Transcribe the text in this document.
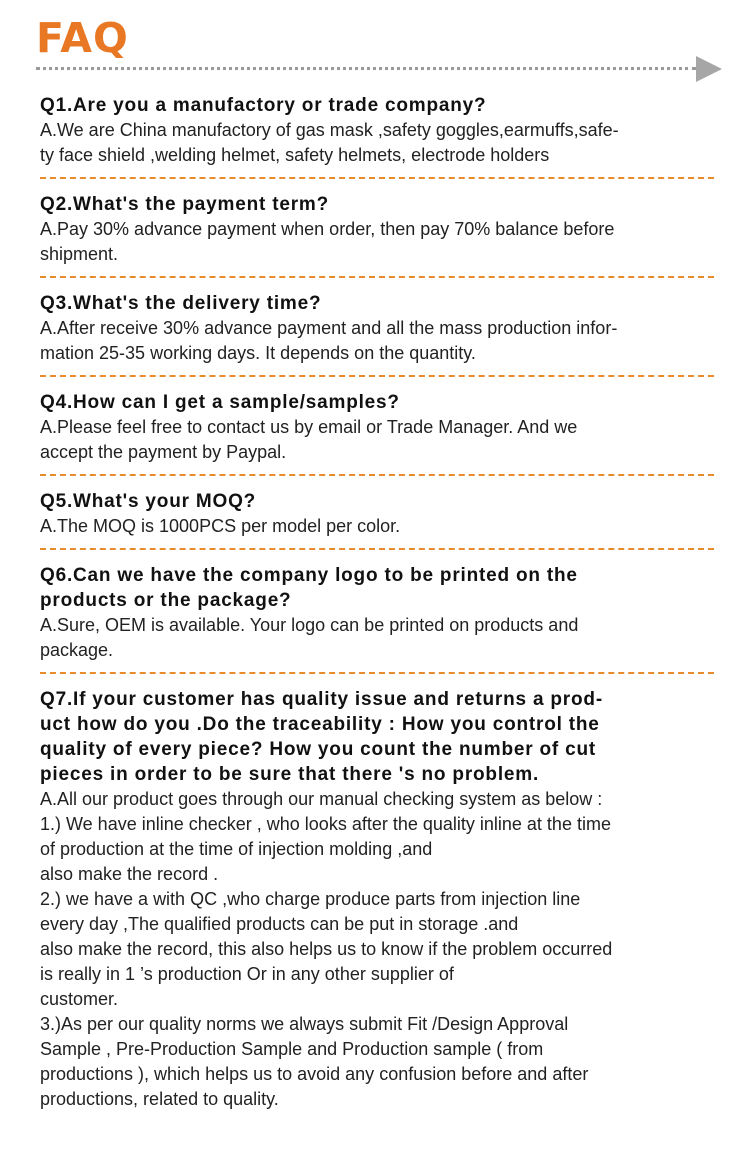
FAQ

Q1.Are you a manufactory or trade company?

A.We are China manufactory of gas mask ,safety goggles,earmuffs,safe-
ty face shield ,welding helmet, safety helmets, electrode holders

Q2.What's the payment term?

A.Pay 30% advance payment when order, then pay 70% balance before
shipment.

Q3.What's the delivery time?

A.After receive 30% advance payment and all the mass production infor-
mation 25-35 working days. It depends on the quantity.

Q4.How can I get a sample/samples?

A.Please feel free to contact us by email or Trade Manager. And we
accept the payment by Paypal.

Q5.What's your MOQ?

A.The MOQ is 1000PCS per model per color.

Q6.Can we have the company logo to be printed on the
products or the package?

A.Sure, OEM is available. Your logo can be printed on products and
package.

Q7.If your customer has quality issue and returns a prod-
uct how do you .Do the traceability : How you control the
quality of every piece? How you count the number of cut
pieces in order to be sure that there 's no problem.

A.All our product goes through our manual checking system as below :
1.) We have inline checker , who looks after the quality inline at the time
of production at the time of injection molding ,and
also make the record .
2.) we have a with QC ,who charge produce parts from injection line
every day ,The qualified products can be put in storage .and
also make the record, this also helps us to know if the problem occurred
is really in 1 ’s production Or in any other supplier of
customer.
3.)As per our quality norms we always submit Fit /Design Approval
Sample , Pre-Production Sample and Production sample ( from
productions ), which helps us to avoid any confusion before and after
productions, related to quality.
